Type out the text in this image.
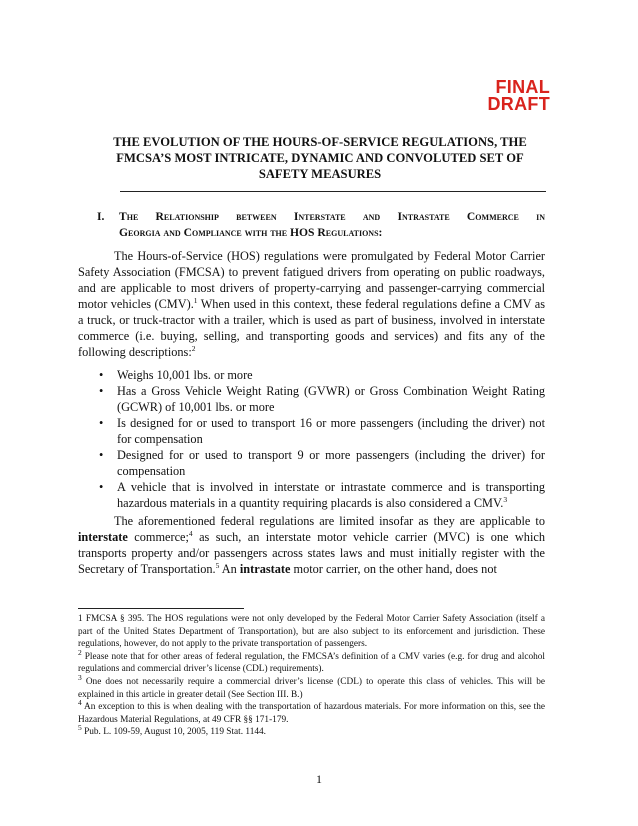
FINAL
DRAFT
THE EVOLUTION OF THE HOURS-OF-SERVICE REGULATIONS, THE
FMCSA’S MOST INTRICATE, DYNAMIC AND CONVOLUTED SET OF
SAFETY MEASURES
I. The Relationship between Interstate and Intrastate Commerce in
Georgia and Compliance with the HOS Regulations:
The Hours-of-Service (HOS) regulations were promulgated by Federal Motor Carrier Safety Association (FMCSA) to prevent fatigued drivers from operating on public roadways, and are applicable to most drivers of property-carrying and passenger-carrying commercial motor vehicles (CMV).$^1$ When used in this context, these federal regulations define a CMV as a truck, or truck-tractor with a trailer, which is used as part of business, involved in interstate commerce (i.e. buying, selling, and transporting goods and services) and fits any of the following descriptions:$^2$

• Weighs 10,001 lbs. or more

• Has a Gross Vehicle Weight Rating (GVWR) or Gross Combination Weight Rating (GCWR) of 10,001 lbs. or more

• Is designed for or used to transport 16 or more passengers (including the driver) not for compensation

• Designed for or used to transport 9 or more passengers (including the driver) for compensation

• A vehicle that is involved in interstate or intrastate commerce and is transporting hazardous materials in a quantity requiring placards is also considered a CMV.$^3$

The aforementioned federal regulations are limited insofar as they are applicable to interstate commerce;$^4$ as such, an interstate motor vehicle carrier (MVC) is one which transports property and/or passengers across states laws and must initially register with the Secretary of Transportation.$^5$ An intrastate motor carrier, on the other hand, does not

1 FMCSA § 395. The HOS regulations were not only developed by the Federal Motor Carrier Safety Association (itself a part of the United States Department of Transportation), but are also subject to its enforcement and jurisdiction. These regulations, however, do not apply to the private transportation of passengers.

$^2$ Please note that for other areas of federal regulation, the FMCSA’s definition of a CMV varies (e.g. for drug and alcohol regulations and commercial driver’s license (CDL) requirements).

$^3$ One does not necessarily require a commercial driver’s license (CDL) to operate this class of vehicles. This will be explained in this article in greater detail (See Section III. B.)

$^4$ An exception to this is when dealing with the transportation of hazardous materials. For more information on this, see the Hazardous Material Regulations, at 49 CFR §§ 171-179.

$^5$ Pub. L. 109-59, August 10, 2005, 119 Stat. 1144.

1
